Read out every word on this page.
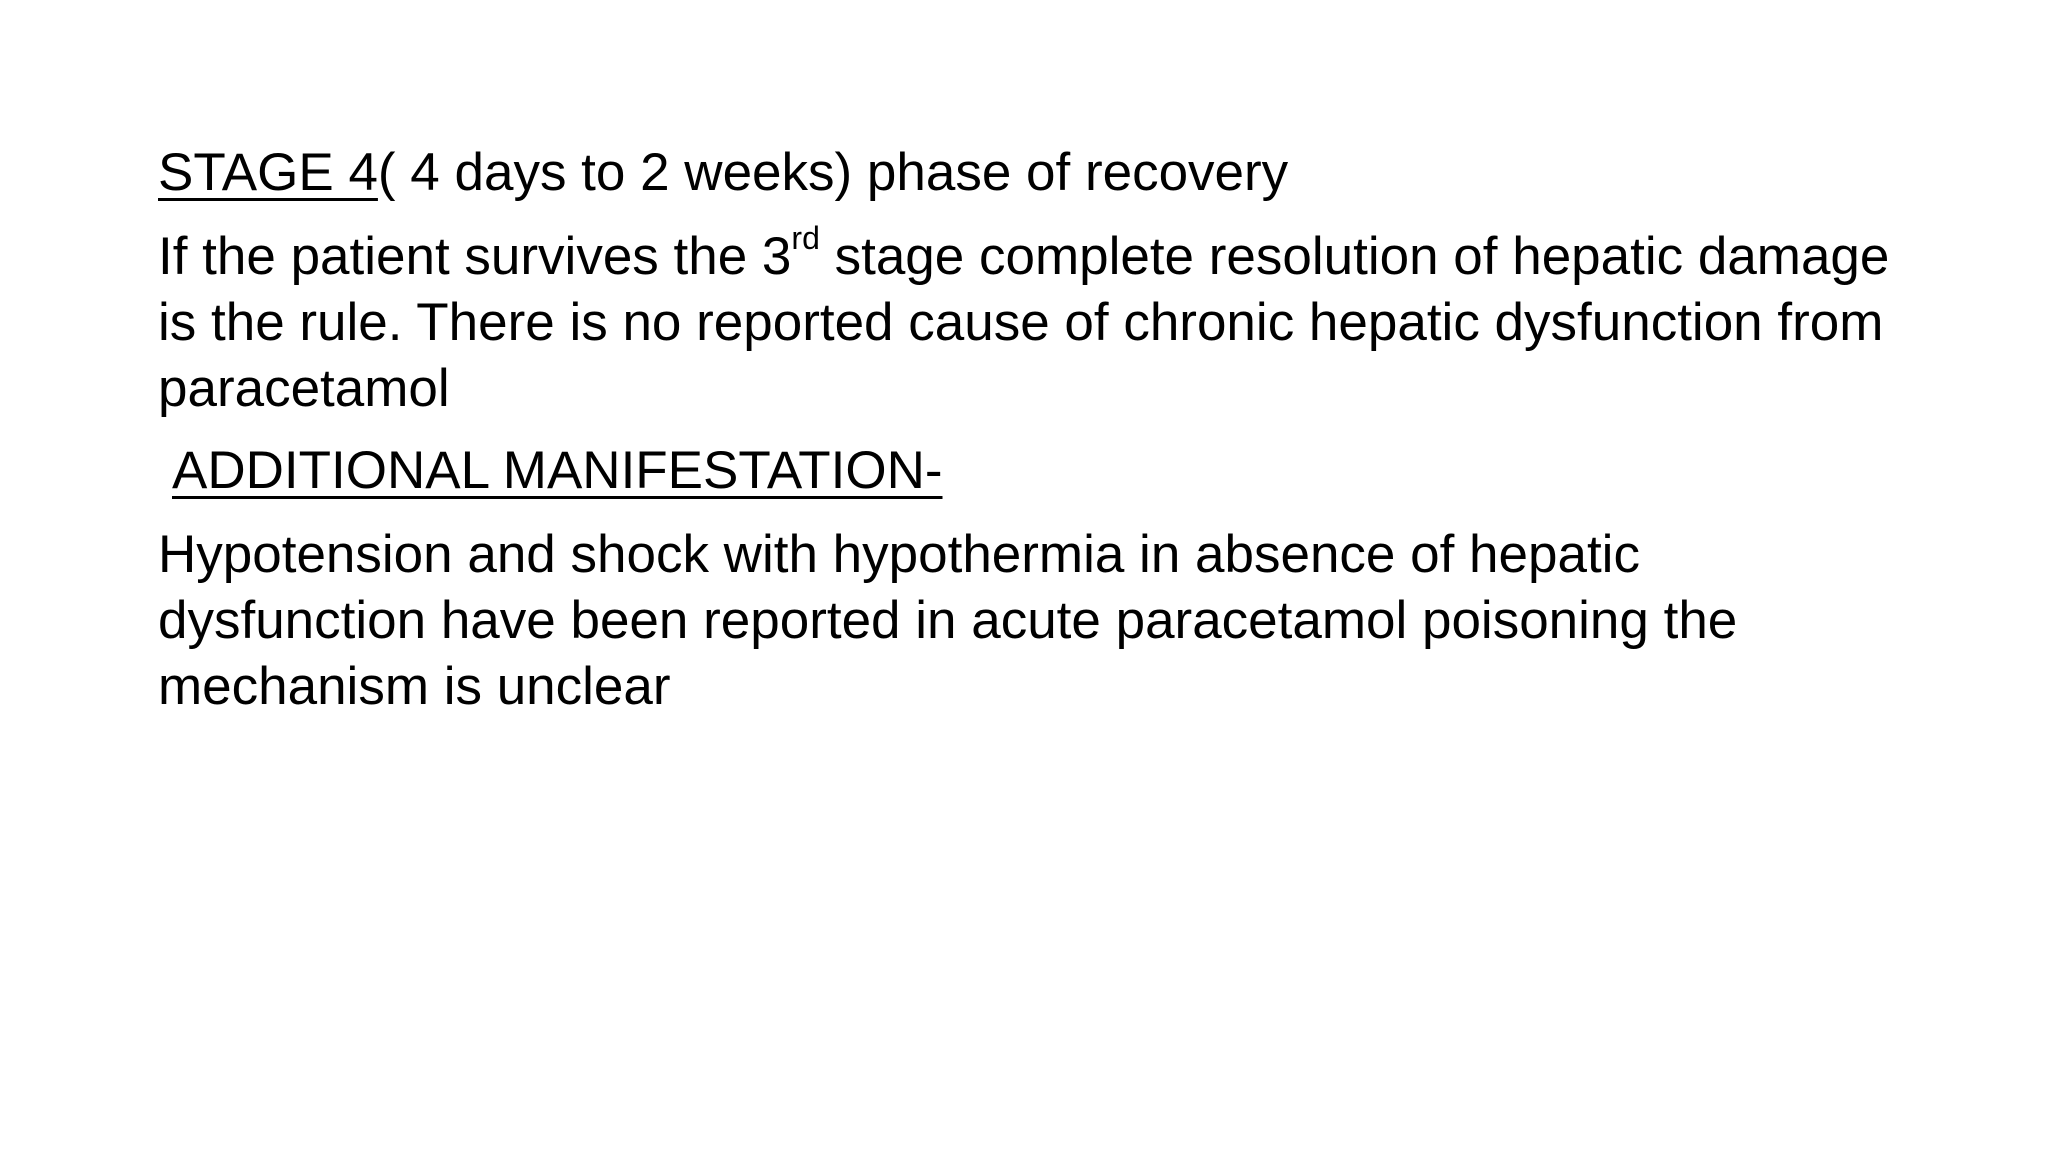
STAGE 4( 4 days to 2 weeks) phase of recovery

If the patient survives the 3rd stage complete resolution of hepatic damage is the rule. There is no reported cause of chronic hepatic dysfunction from paracetamol

ADDITIONAL MANIFESTATION-

Hypotension and shock with hypothermia in absence of hepatic dysfunction have been reported in acute paracetamol poisoning the mechanism is unclear
